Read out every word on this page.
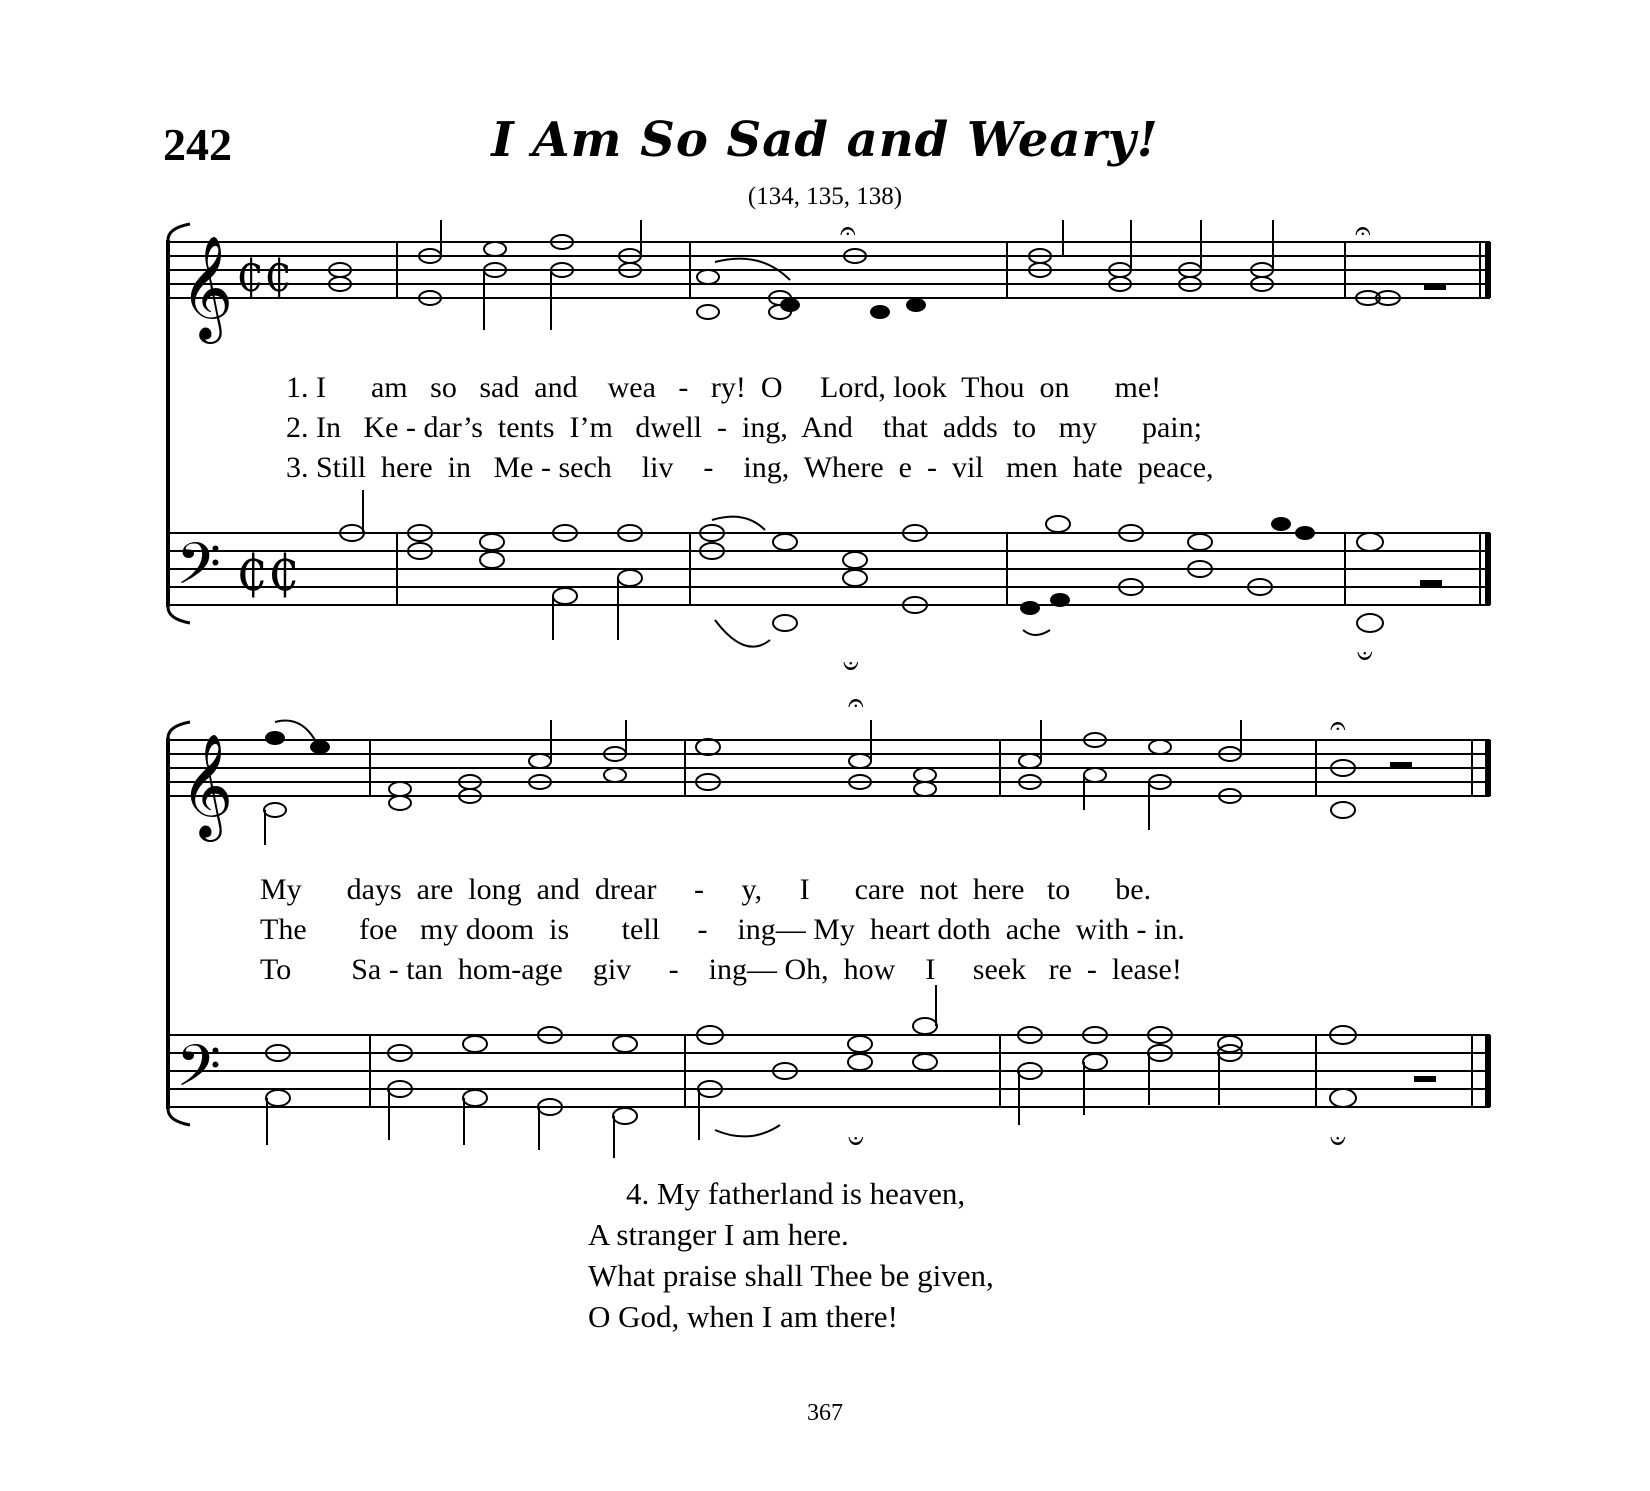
242	I Am So Sad and Weary!
(134, 135, 138)
𝄞
𝄞
𝄢
𝄢
₵₵
₵₵
𝄐	𝄐
𝄑	𝄑
𝄐
𝄐
𝄑	𝄑
1. I      am   so   sad  and    wea   -   ry!  O     Lord, look  Thou  on      me!
2. In   Ke - dar’s  tents  I’m   dwell  -  ing,  And    that  adds  to   my      pain;
3. Still  here  in   Me - sech    liv    -    ing,  Where  e  -  vil   men  hate  peace,
My      days  are  long  and  drear     -     y,     I      care  not  here   to      be.
The       foe   my doom  is       tell     -    ing— My  heart doth  ache  with - in.
To        Sa - tan  hom-age    giv     -    ing— Oh,  how    I     seek   re  -  lease!
4. My fatherland is heaven,
A stranger I am here.
What praise shall Thee be given,
O God, when I am there!
367
